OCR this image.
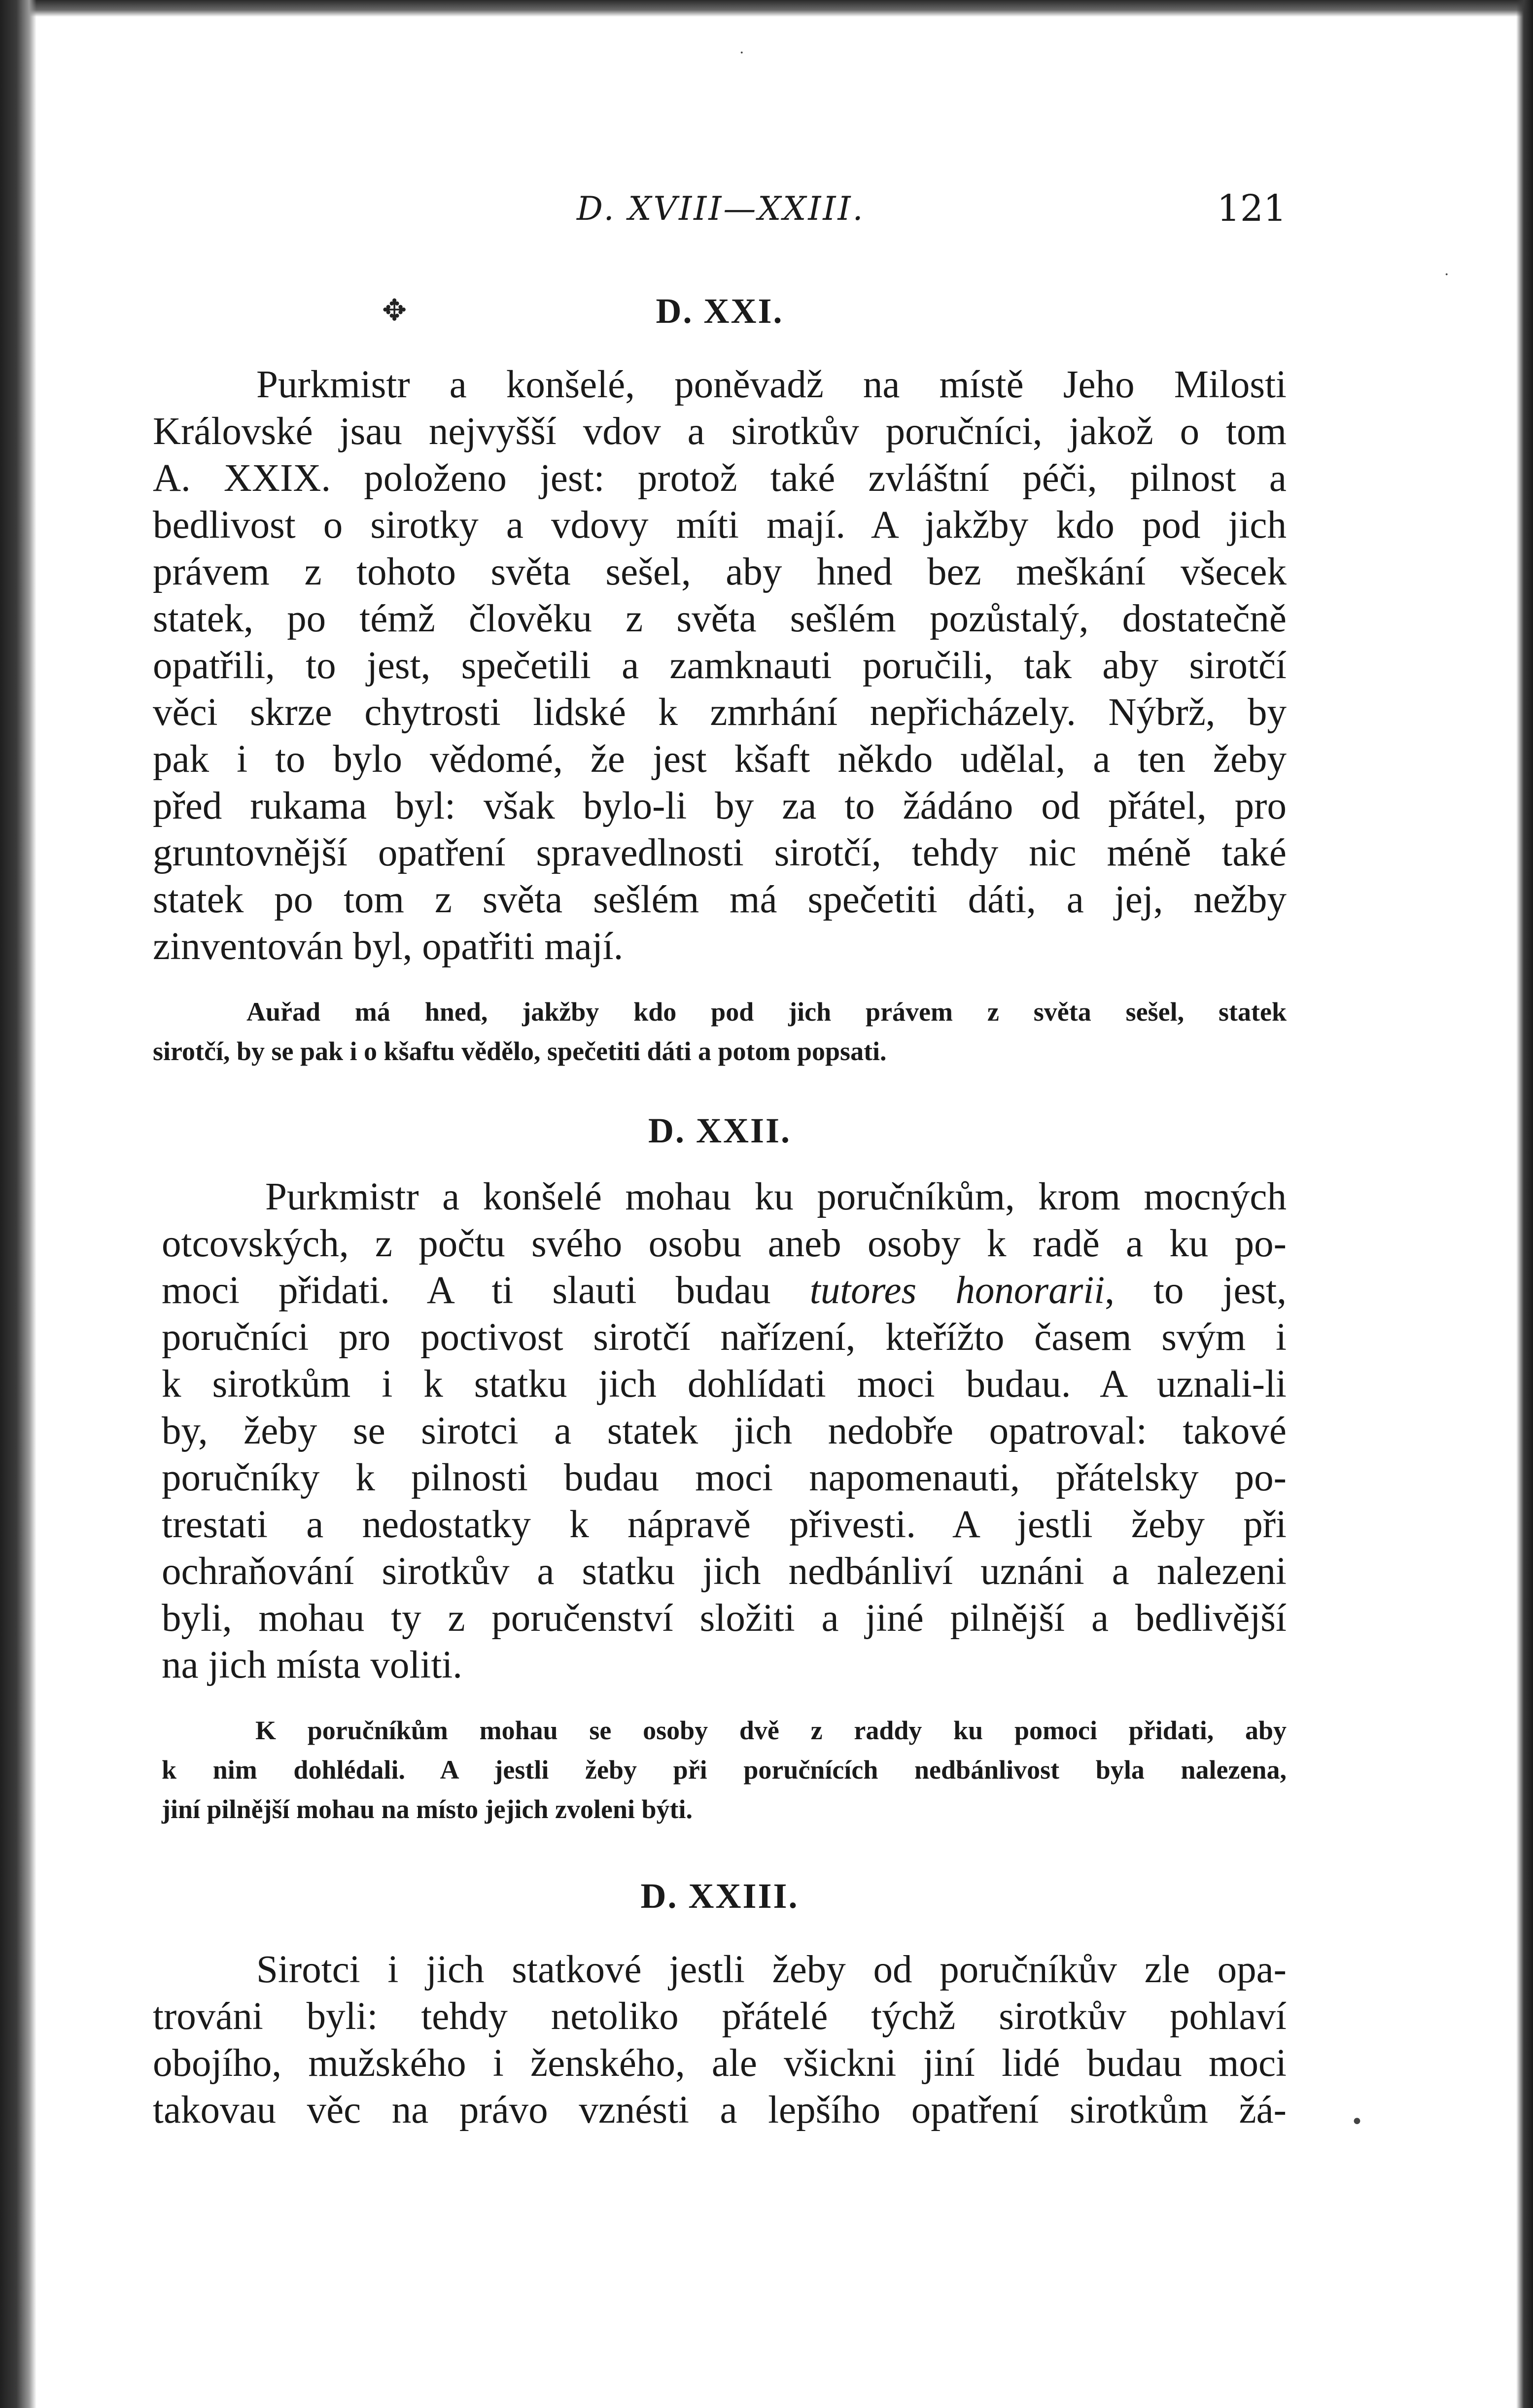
·
·
•
✥
D. XVIII—XXIII.	121
D. XXI.

Purkmistr a konšelé, poněvadž na místě Jeho Milosti
Královské jsau nejvyšší vdov a sirotkův poručníci, jakož o tom
A. XXIX. položeno jest: protož také zvláštní péči, pilnost a
bedlivost o sirotky a vdovy míti mají. A jakžby kdo pod jich
právem z tohoto světa sešel, aby hned bez meškání všecek
statek, po témž člověku z světa sešlém pozůstalý, dostatečně
opatřili, to jest, spečetili a zamknauti poručili, tak aby sirotčí
věci skrze chytrosti lidské k zmrhání nepřicházely. Nýbrž, by
pak i to bylo vědomé, že jest kšaft někdo udělal, a ten žeby
před rukama byl: však bylo-li by za to žádáno od přátel, pro
gruntovnější opatření spravedlnosti sirotčí, tehdy nic méně také
statek po tom z světa sešlém má spečetiti dáti, a jej, nežby
zinventován byl, opatřiti mají.

Auřad má hned, jakžby kdo pod jich právem z světa sešel, statek
sirotčí, by se pak i o kšaftu vědělo, spečetiti dáti a potom popsati.

D. XXII.

Purkmistr a konšelé mohau ku poručníkům, krom mocných
otcovských, z počtu svého osobu aneb osoby k radě a ku po-
moci přidati. A ti slauti budau tutores honorarii, to jest,
poručníci pro poctivost sirotčí nařízení, kteřížto časem svým i
k sirotkům i k statku jich dohlídati moci budau. A uznali-li
by, žeby se sirotci a statek jich nedobře opatroval: takové
poručníky k pilnosti budau moci napomenauti, přátelsky po-
trestati a nedostatky k nápravě přivesti. A jestli žeby při
ochraňování sirotkův a statku jich nedbánliví uznáni a nalezeni
byli, mohau ty z poručenství složiti a jiné pilnější a bedlivější
na jich místa voliti.

K poručníkům mohau se osoby dvě z raddy ku pomoci přidati, aby
k nim dohlédali. A jestli žeby při poručnících nedbánlivost byla nalezena,
jiní pilnější mohau na místo jejich zvoleni býti.

D. XXIII.

Sirotci i jich statkové jestli žeby od poručníkův zle opa-
trováni byli: tehdy netoliko přátelé týchž sirotkův pohlaví
obojího, mužského i ženského, ale všickni jiní lidé budau moci
takovau věc na právo vznésti a lepšího opatření sirotkům žá-
